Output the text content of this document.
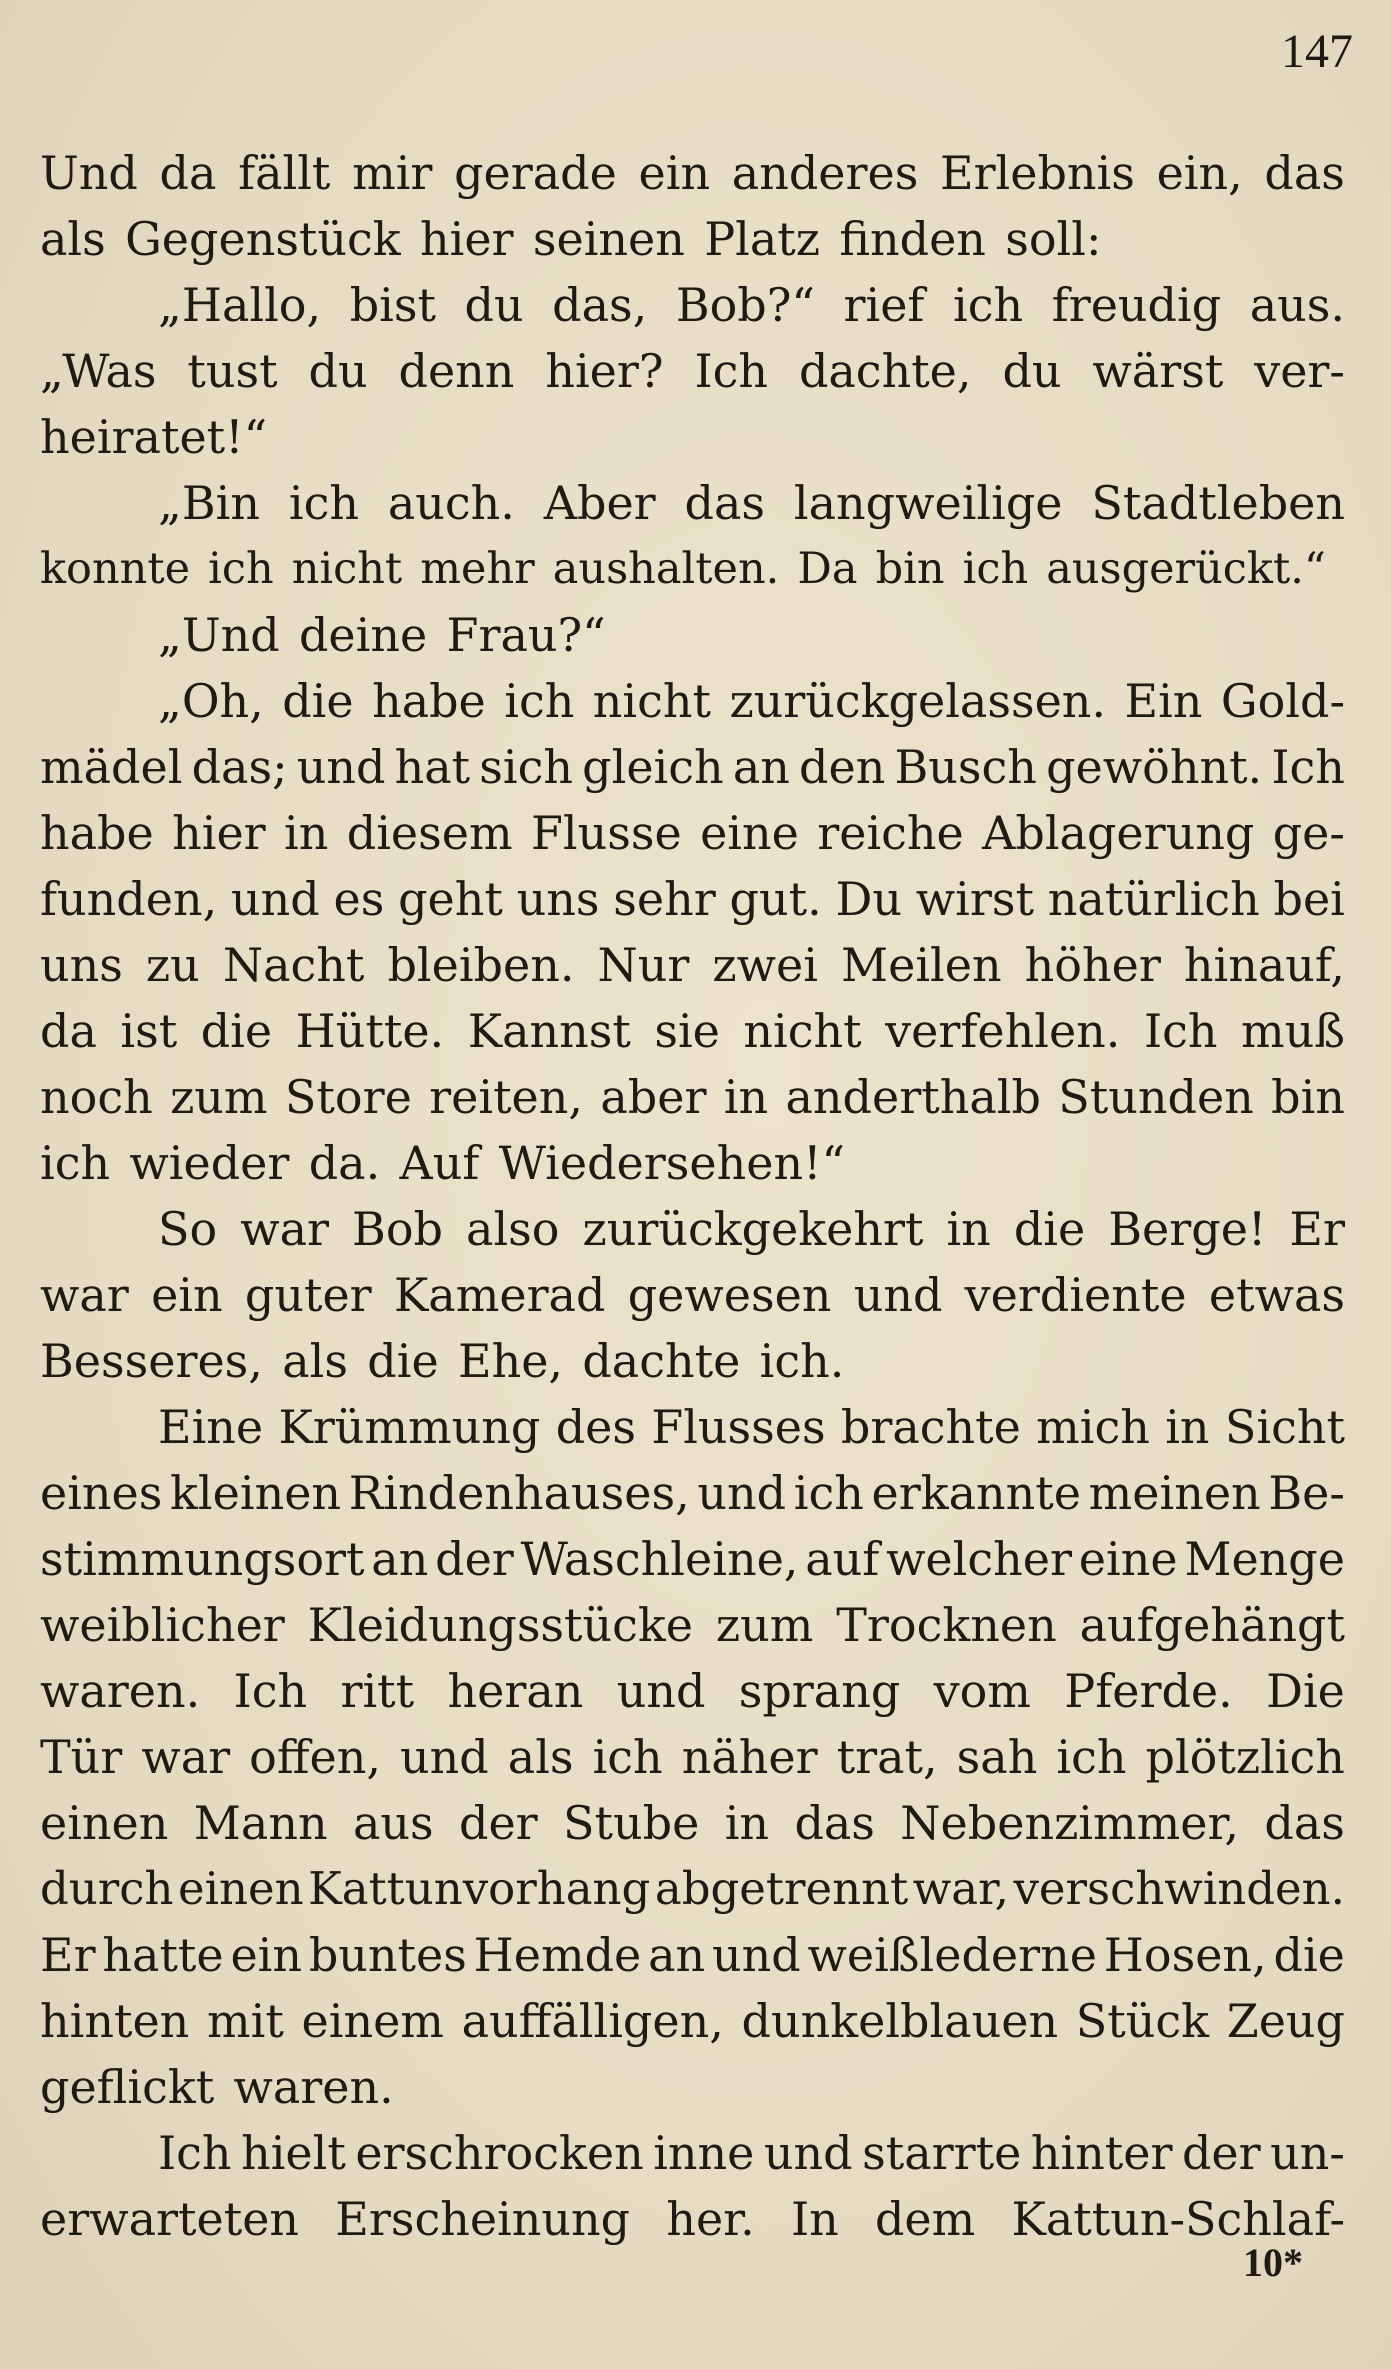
147
Und da fällt mir gerade ein anderes Erlebnis ein, das
als Gegenstück hier seinen Platz finden soll:
„Hallo, bist du das, Bob?“ rief ich freudig aus.
„Was tust du denn hier? Ich dachte, du wärst ver-
heiratet!“
„Bin ich auch. Aber das langweilige Stadtleben
konnte ich nicht mehr aushalten. Da bin ich ausgerückt.“
„Und deine Frau?“
„Oh, die habe ich nicht zurückgelassen. Ein Gold-
mädel das; und hat sich gleich an den Busch gewöhnt. Ich
habe hier in diesem Flusse eine reiche Ablagerung ge-
funden, und es geht uns sehr gut. Du wirst natürlich bei
uns zu Nacht bleiben. Nur zwei Meilen höher hinauf,
da ist die Hütte. Kannst sie nicht verfehlen. Ich muß
noch zum Store reiten, aber in anderthalb Stunden bin
ich wieder da. Auf Wiedersehen!“
So war Bob also zurückgekehrt in die Berge! Er
war ein guter Kamerad gewesen und verdiente etwas
Besseres, als die Ehe, dachte ich.
Eine Krümmung des Flusses brachte mich in Sicht
eines kleinen Rindenhauses, und ich erkannte meinen Be-
stimmungsort an der Waschleine, auf welcher eine Menge
weiblicher Kleidungsstücke zum Trocknen aufgehängt
waren. Ich ritt heran und sprang vom Pferde. Die
Tür war offen, und als ich näher trat, sah ich plötzlich
einen Mann aus der Stube in das Nebenzimmer, das
durch einen Kattunvorhang abgetrennt war, verschwinden.
Er hatte ein buntes Hemde an und weißlederne Hosen, die
hinten mit einem auffälligen, dunkelblauen Stück Zeug
geflickt waren.
Ich hielt erschrocken inne und starrte hinter der un-
erwarteten Erscheinung her. In dem Kattun-Schlaf-
10*
